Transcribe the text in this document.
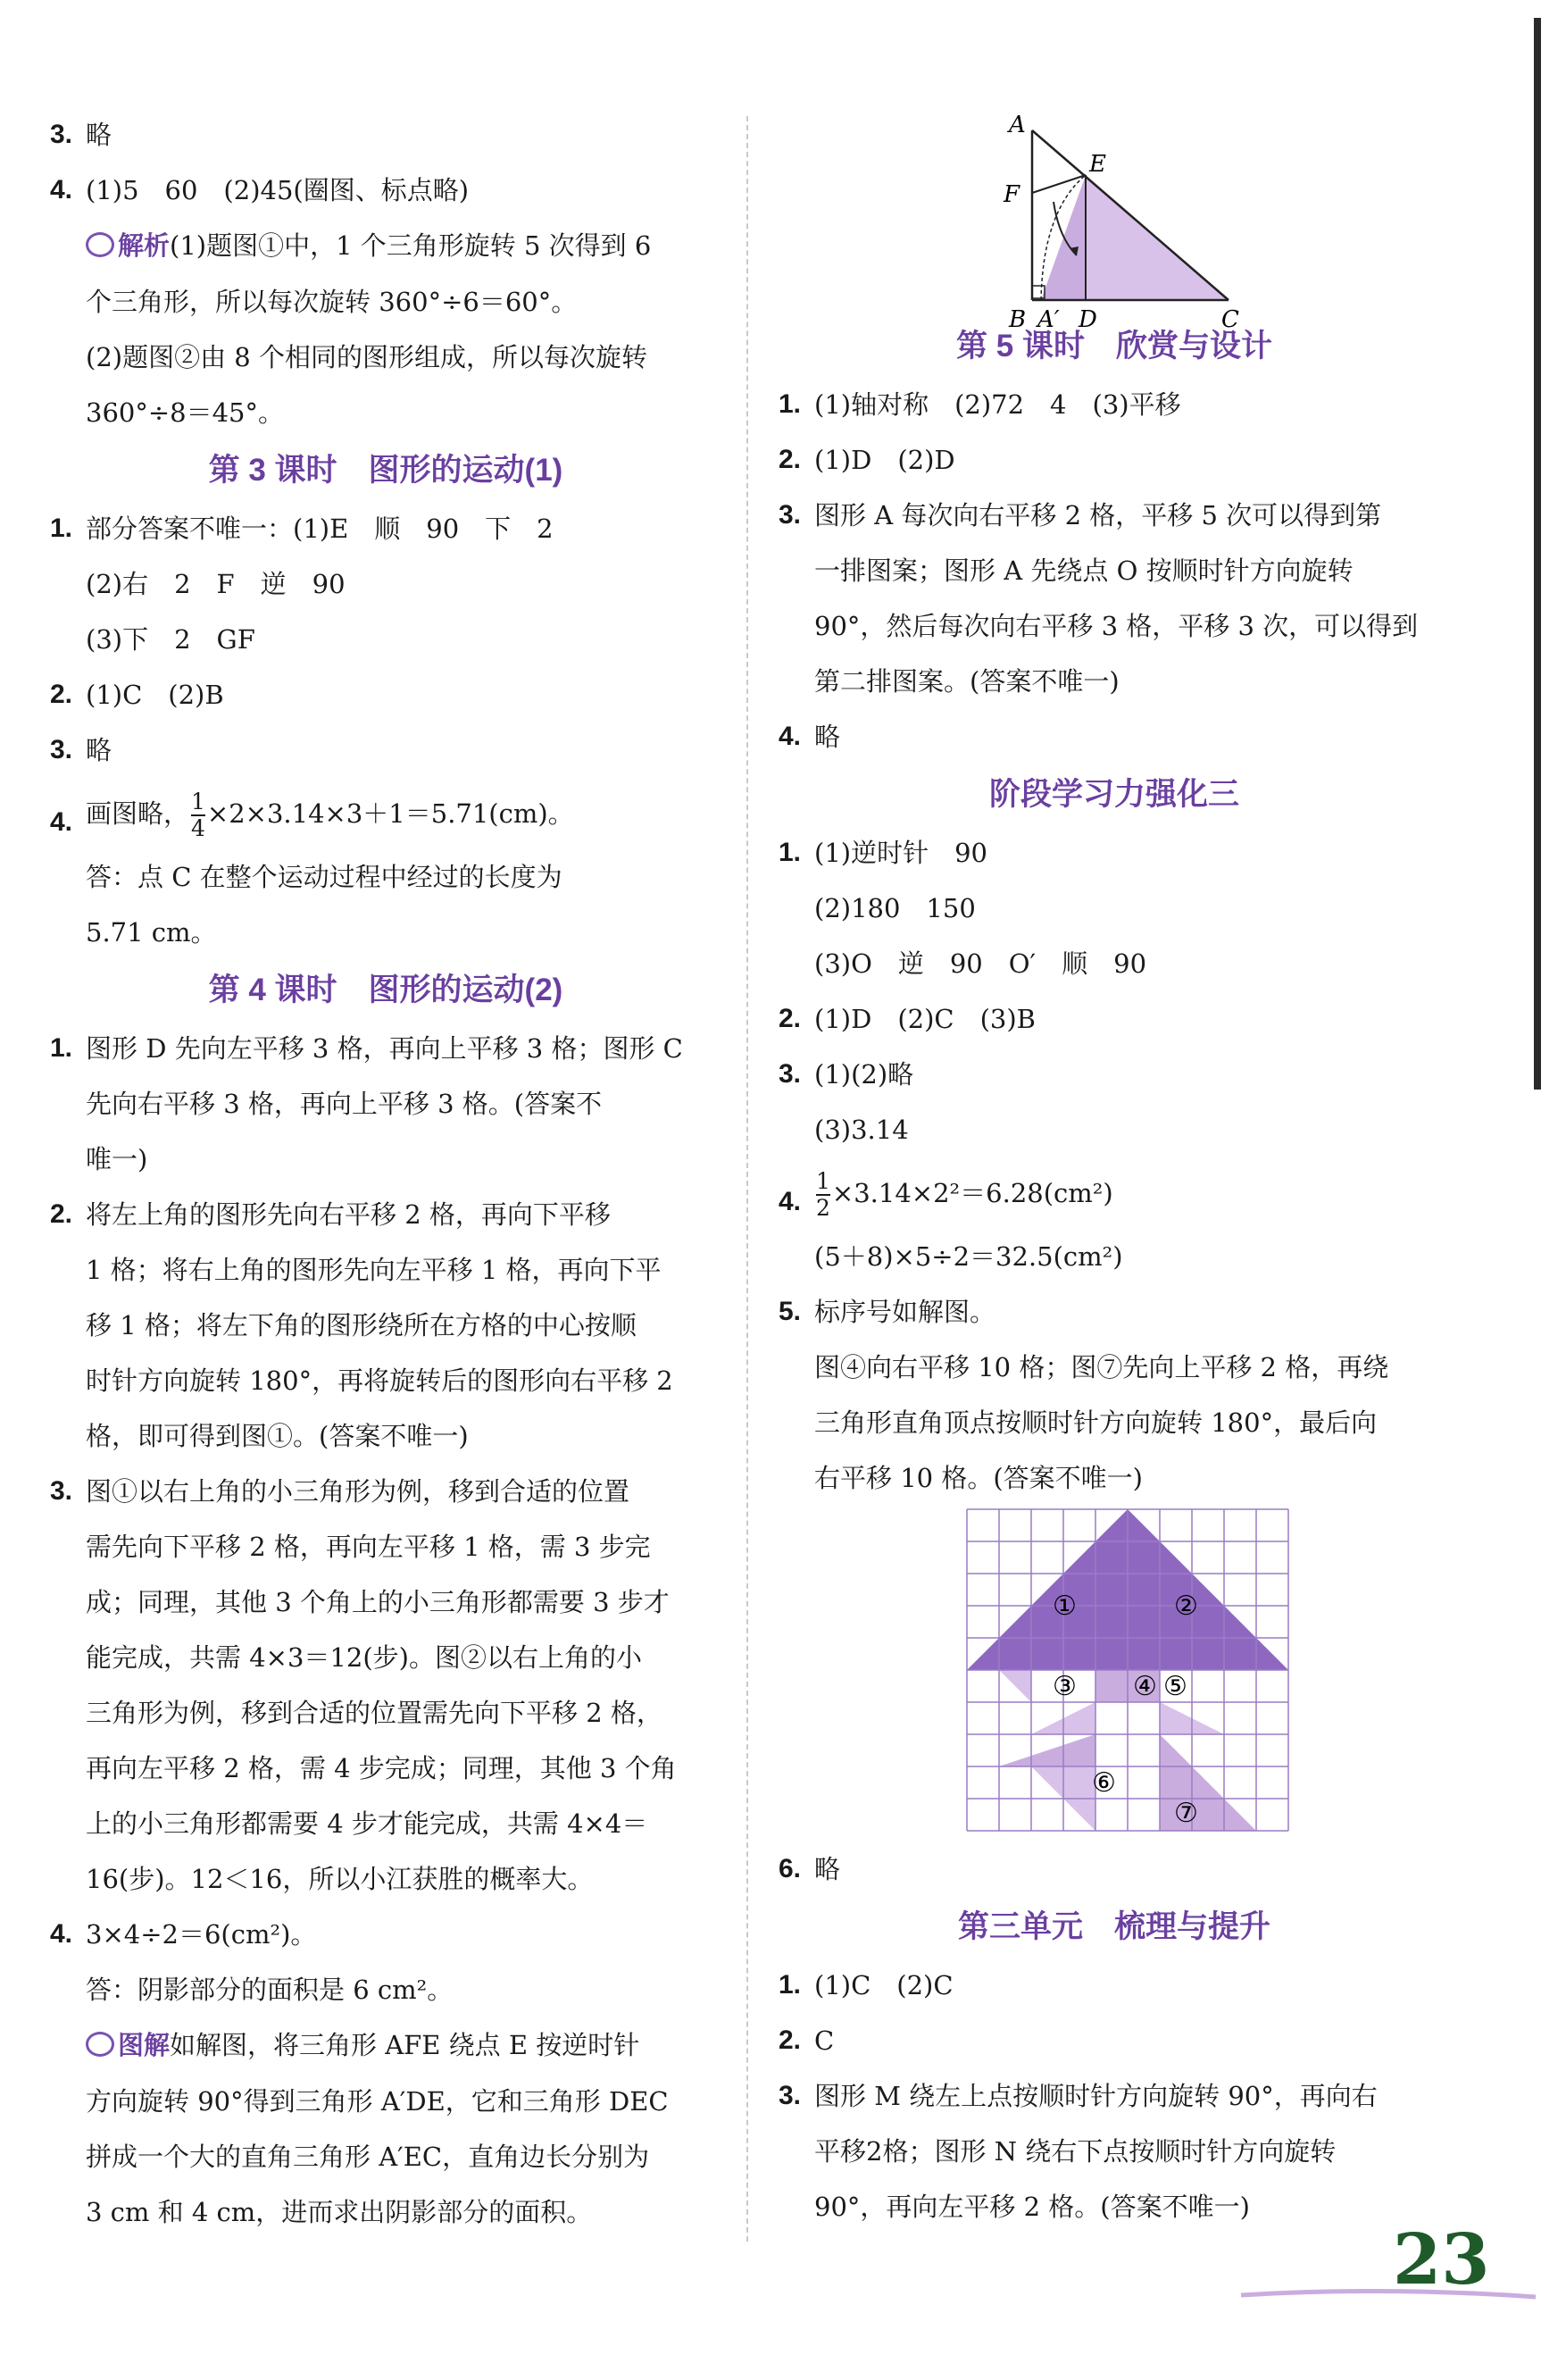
3. 略
4. (1)5　60　(2)45(圈图、标点略)
解析(1)题图①中，1 个三角形旋转 5 次得到 6
个三角形，所以每次旋转 360°÷6＝60°。
(2)题图②由 8 个相同的图形组成，所以每次旋转
360°÷8＝45°。
第 3 课时　图形的运动(1)
1. 部分答案不唯一：(1)E　顺　90　下　2
(2)右　2　F　逆　90
(3)下　2　GF
2. (1)C　(2)B
3. 略
4. 画图略， $\frac{1}{4} \times 2\times 3.14\times 3+1=5.71(cm)$。
答：点 C 在整个运动过程中经过的长度为
5.71 cm。
第 4 课时　图形的运动(2)
1. 图形 D 先向左平移 3 格，再向上平移 3 格；图形 C
先向右平移 3 格，再向上平移 3 格。(答案不
唯一)
2. 将左上角的图形先向右平移 2 格，再向下平移
1 格；将右上角的图形先向左平移 1 格，再向下平
移 1 格；将左下角的图形绕所在方格的中心按顺
时针方向旋转 180°，再将旋转后的图形向右平移 2
格，即可得到图①。(答案不唯一)
3. 图①以右上角的小三角形为例，移到合适的位置
需先向下平移 2 格，再向左平移 1 格，需 3 步完
成；同理，其他 3 个角上的小三角形都需要 3 步才
能完成，共需 4×3＝12(步)。图②以右上角的小
三角形为例，移到合适的位置需先向下平移 2 格，
再向左平移 2 格，需 4 步完成；同理，其他 3 个角
上的小三角形都需要 4 步才能完成，共需 4×4＝
16(步)。12＜16，所以小江获胜的概率大。
4. 3×4÷2＝6(cm²)。
答：阴影部分的面积是 6 cm²。
图解如解图，将三角形 AFE 绕点 E 按逆时针
方向旋转 90°得到三角形 A′DE，它和三角形 DEC
拼成一个大的直角三角形 A′EC，直角边长分别为
3 cm 和 4 cm，进而求出阴影部分的面积。
A
F
E
B A′ D	C
第 5 课时　欣赏与设计
1. (1)轴对称　(2)72　4　(3)平移
2. (1)D　(2)D
3. 图形 A 每次向右平移 2 格，平移 5 次可以得到第
一排图案；图形 A 先绕点 O 按顺时针方向旋转
90°，然后每次向右平移 3 格，平移 3 次，可以得到
第二排图案。(答案不唯一)
4. 略
阶段学习力强化三
1. (1)逆时针　90
(2)180　150
(3)O　逆　90　O′　顺　90
2. (1)D　(2)C　(3)B
3. (1)(2)略
(3)3.14
4. $\frac{1}{2} \times 3.14\times 2^2=6.28(cm^2)$
(5＋8)×5÷2＝32.5(cm²)
5. 标序号如解图。
图④向右平移 10 格；图⑦先向上平移 2 格，再绕
三角形直角顶点按顺时针方向旋转 180°，最后向
右平移 10 格。(答案不唯一)
①	②
③ ④ ⑤
⑥
⑦
6. 略
第三单元　梳理与提升
1. (1)C　(2)C
2. C
3. 图形 M 绕左上点按顺时针方向旋转 90°，再向右
平移2格；图形 N 绕右下点按顺时针方向旋转
90°，再向左平移 2 格。(答案不唯一)
23
